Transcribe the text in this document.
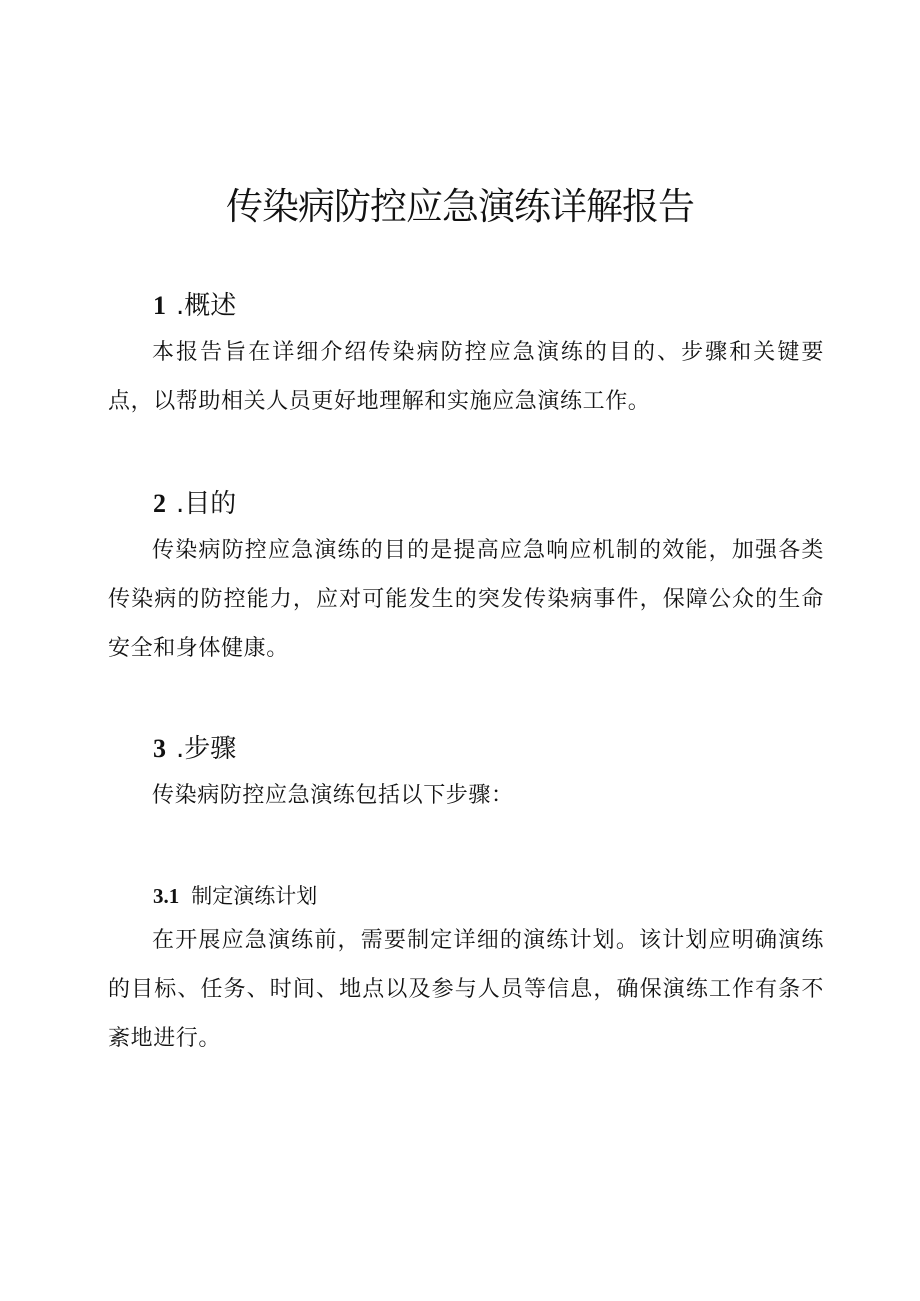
传染病防控应急演练详解报告
1 .概述

本报告旨在详细介绍传染病防控应急演练的目的、步骤和关键要点，以帮助相关人员更好地理解和实施应急演练工作。

2 .目的

传染病防控应急演练的目的是提高应急响应机制的效能，加强各类传染病的防控能力，应对可能发生的突发传染病事件，保障公众的生命安全和身体健康。

3 .步骤

传染病防控应急演练包括以下步骤：

3.1 制定演练计划

在开展应急演练前，需要制定详细的演练计划。该计划应明确演练的目标、任务、时间、地点以及参与人员等信息，确保演练工作有条不紊地进行。
